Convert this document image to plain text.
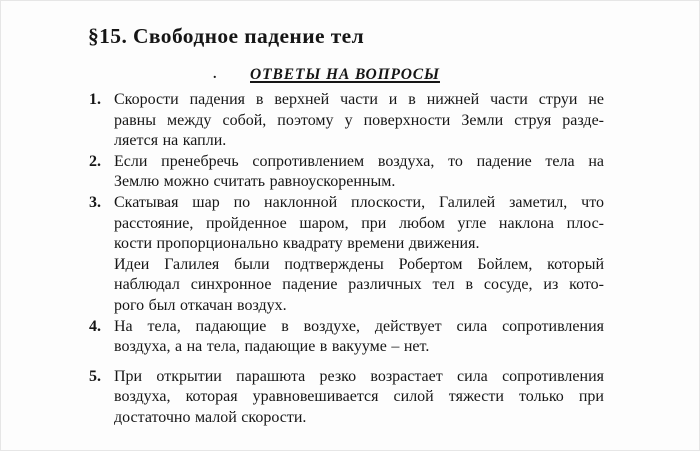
§15. Свободное падение тел
.	ОТВЕТЫ НА ВОПРОСЫ
1. Скорости падения в верхней части и в нижней части струи не
равны между собой, поэтому у поверхности Земли струя разде-
ляется на капли.
2. Если пренебречь сопротивлением воздуха, то падение тела на
Землю можно считать равноускоренным.
3. Скатывая шар по наклонной плоскости, Галилей заметил, что
расстояние, пройденное шаром, при любом угле наклона плос-
кости пропорционально квадрату времени движения.
Идеи Галилея были подтверждены Робертом Бойлем, который
наблюдал синхронное падение различных тел в сосуде, из кото-
рого был откачан воздух.
4. На тела, падающие в воздухе, действует сила сопротивления
воздуха, а на тела, падающие в вакууме – нет.
5. При открытии парашюта резко возрастает сила сопротивления
воздуха, которая уравновешивается силой тяжести только при
достаточно малой скорости.
